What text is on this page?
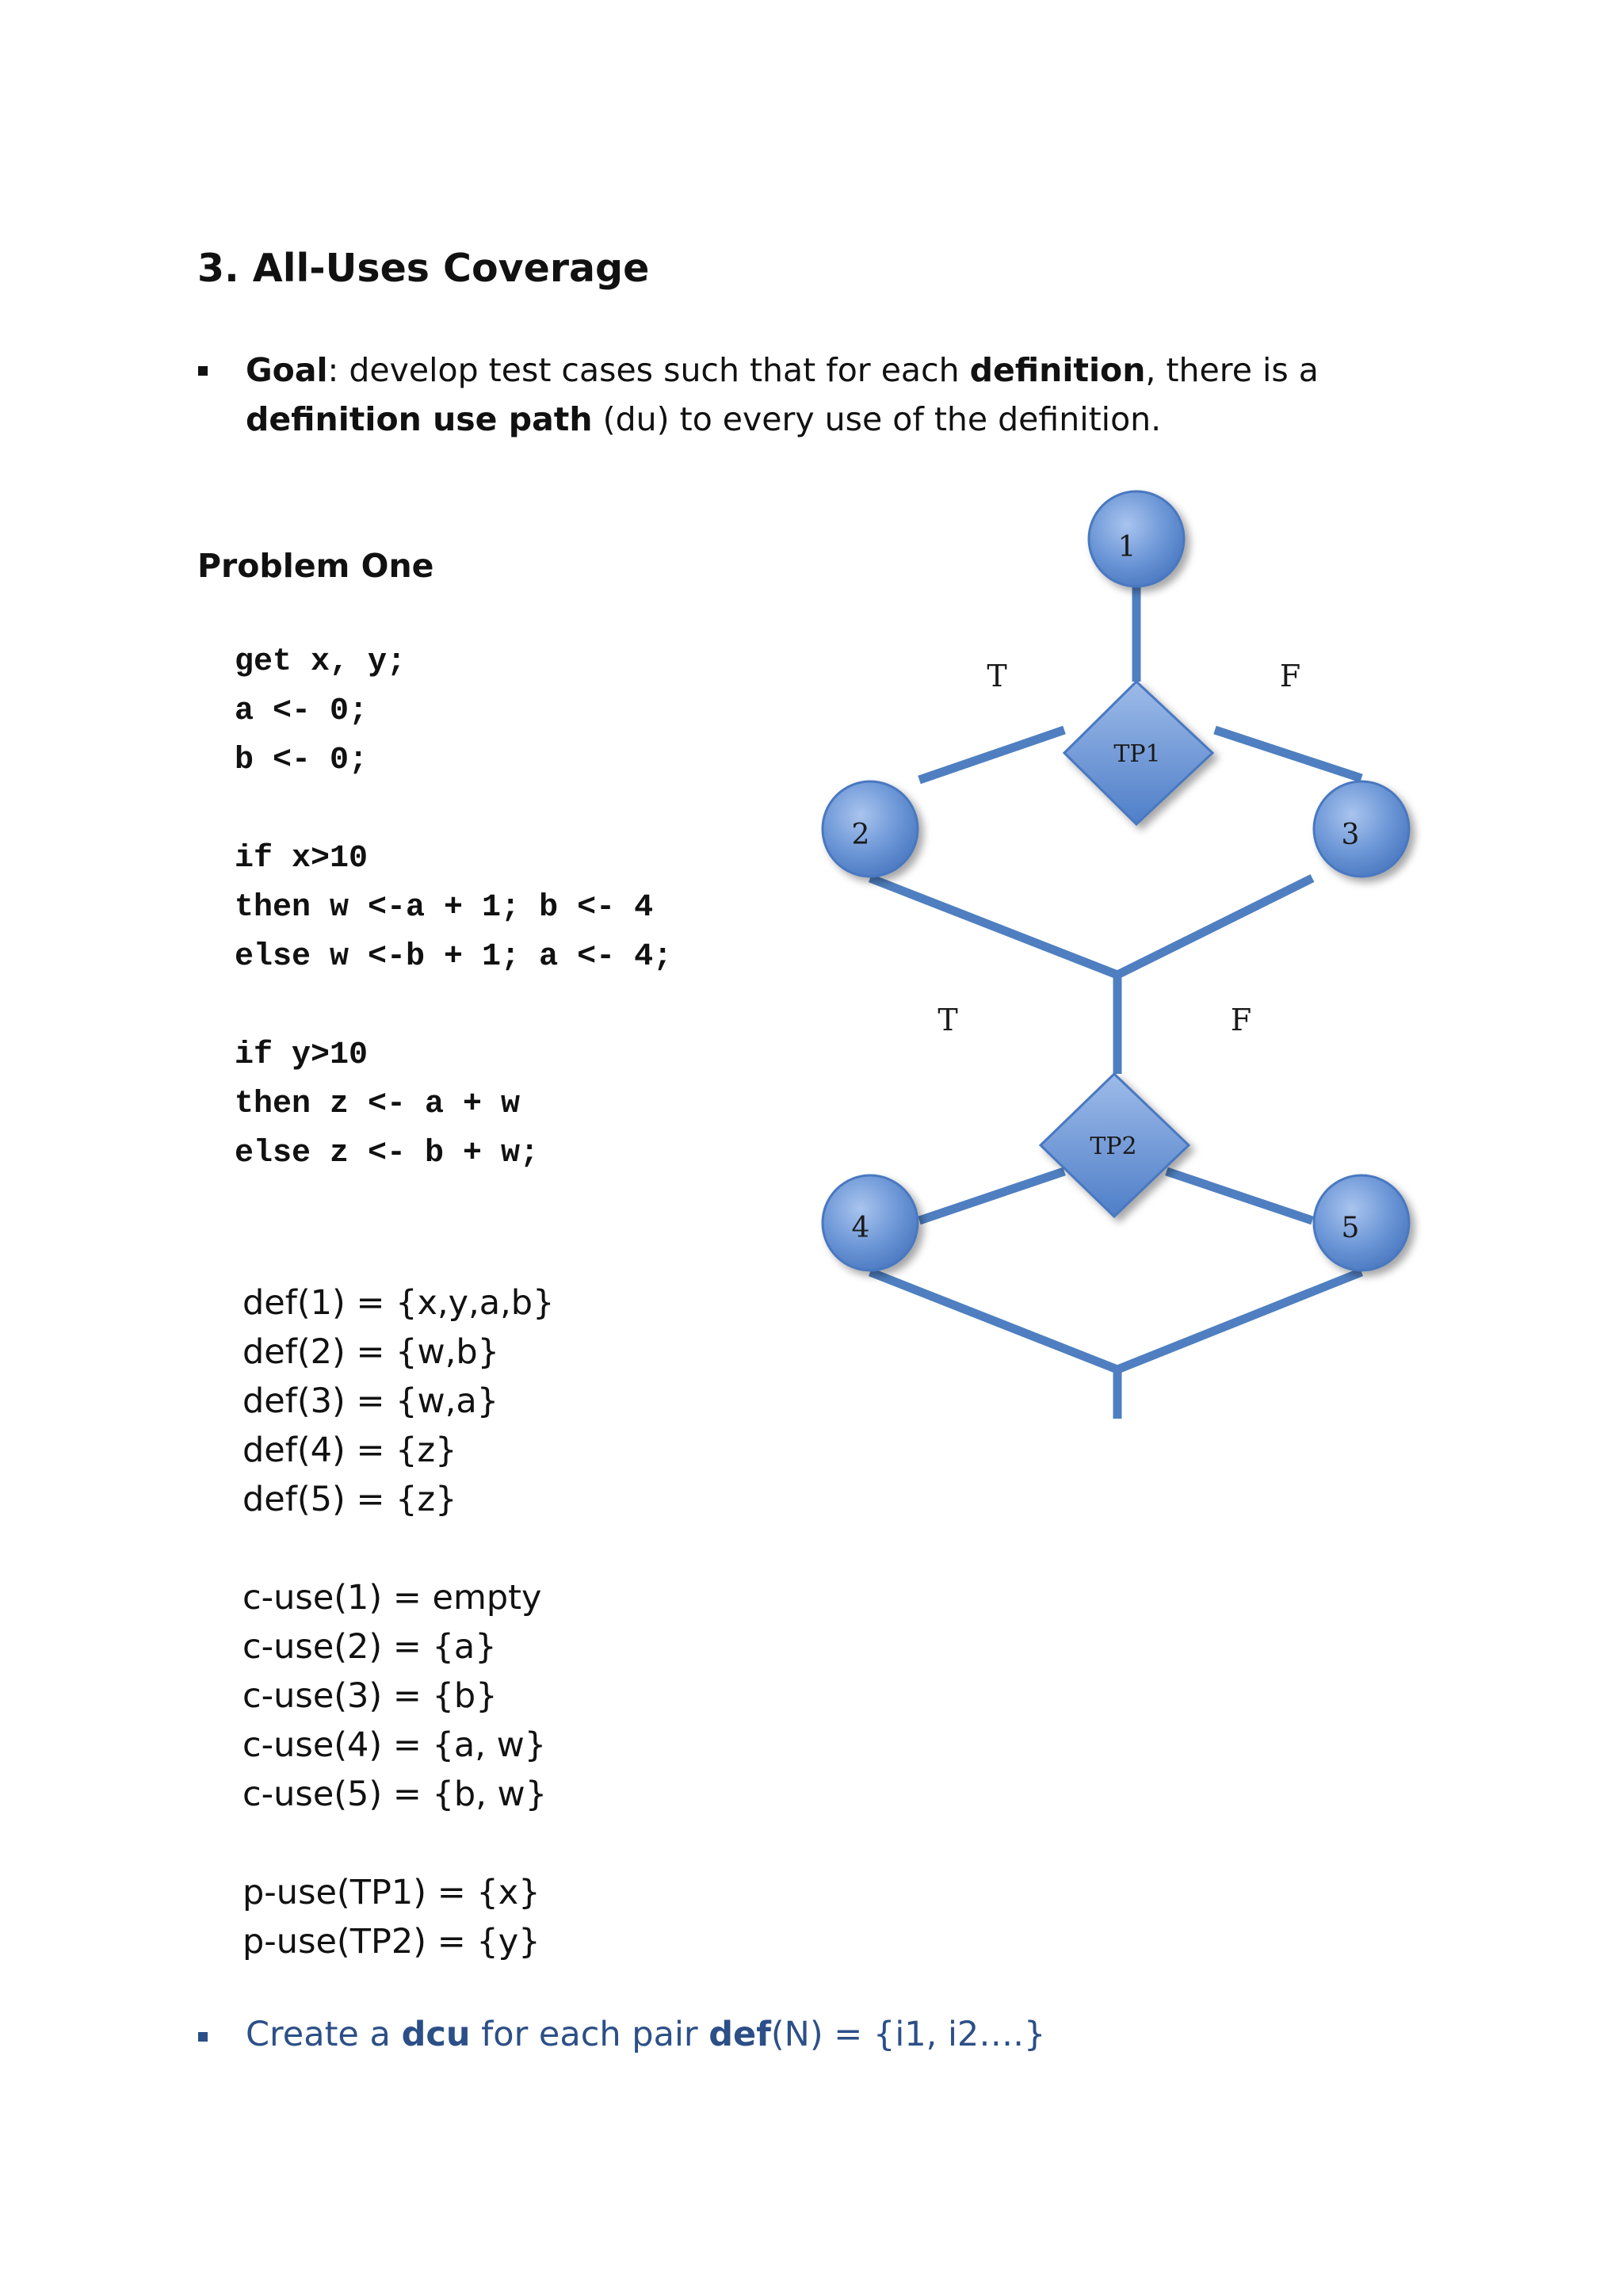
3. All-Uses Coverage
Goal: develop test cases such that for each definition, there is a definition use path (du) to every use of the definition.
Problem One
get x, y;
a <- 0;
b <- 0;
if x>10
then w <-a + 1; b <- 4
else w <-b + 1; a <- 4;
if y>10
then z <- a + w
else z <- b + w;
def(1) = {x,y,a,b}
def(2) = {w,b}
def(3) = {w,a}
def(4) = {z}
def(5) = {z}
c-use(1) = empty
c-use(2) = {a}
c-use(3) = {b}
c-use(4) = {a, w}
c-use(5) = {b, w}
p-use(TP1) = {x}
p-use(TP2) = {y}
Create a dcu for each pair def(N) = {i1, i2….}
TP1
TP2
1
2	3
4	5
T	F
T	F
